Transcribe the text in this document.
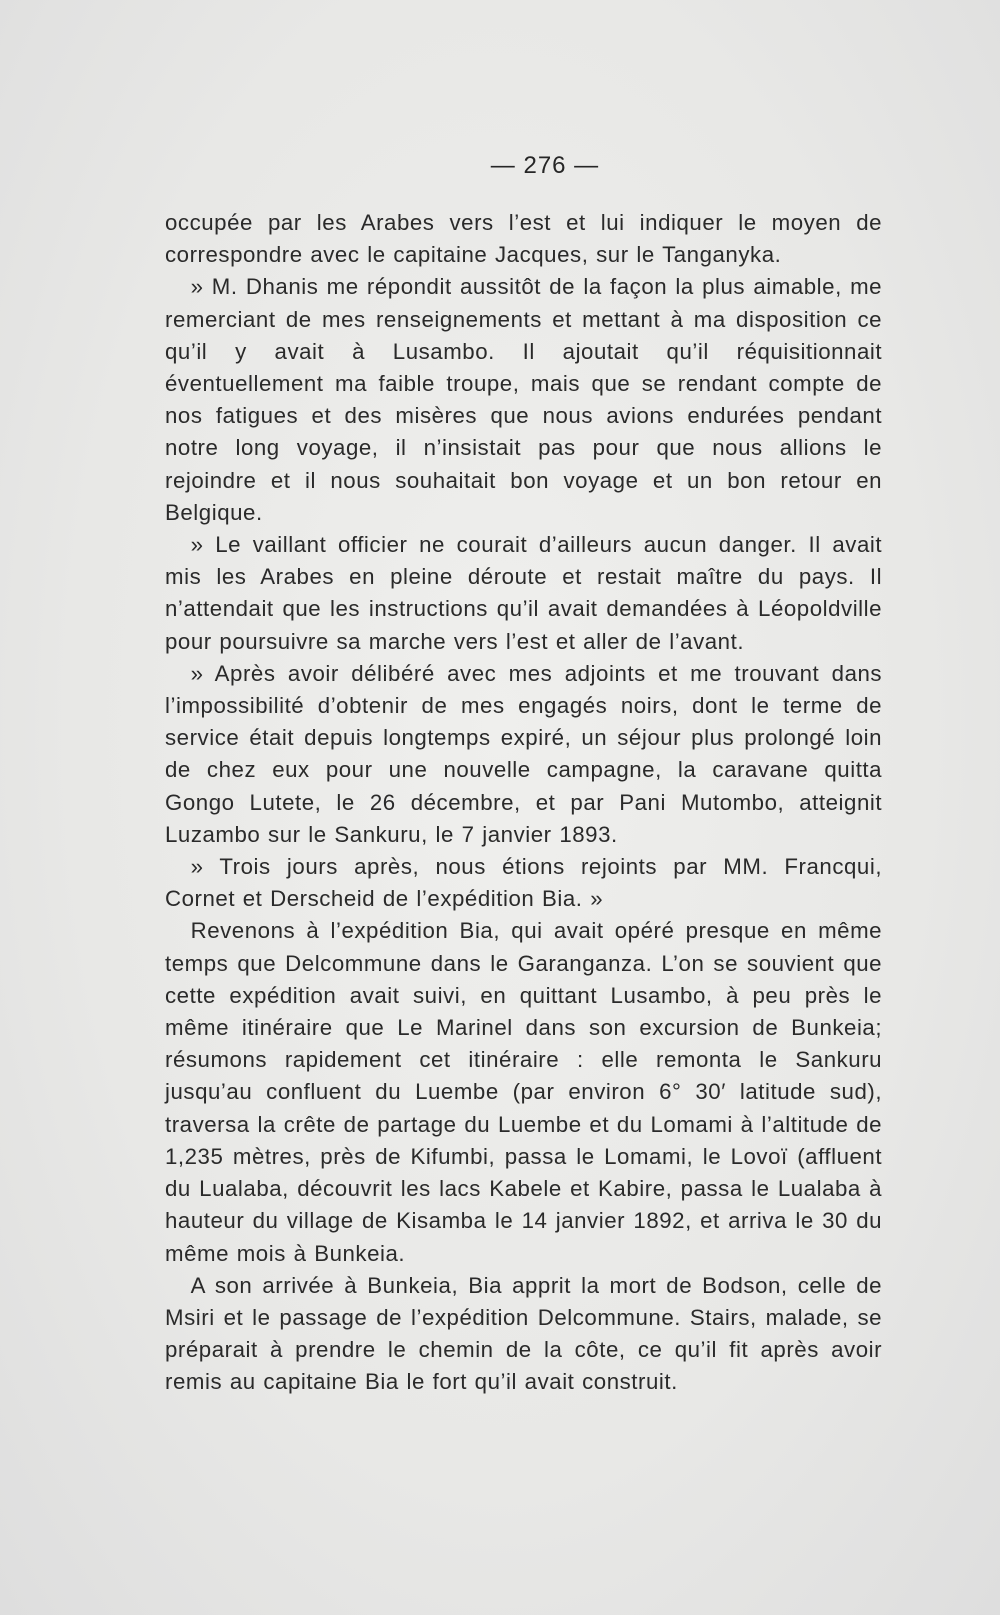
— 276 —

occupée par les Arabes vers l’est et lui indiquer le moyen de correspondre avec le capitaine Jacques, sur le Tanganyka.

» M. Dhanis me répondit aussitôt de la façon la plus aimable, me remerciant de mes renseignements et mettant à ma disposition ce qu’il y avait à Lusambo. Il ajoutait qu’il réquisitionnait éventuellement ma faible troupe, mais que se rendant compte de nos fatigues et des misères que nous avions endurées pendant notre long voyage, il n’insistait pas pour que nous allions le rejoindre et il nous souhaitait bon voyage et un bon retour en Belgique.

» Le vaillant officier ne courait d’ailleurs aucun danger. Il avait mis les Arabes en pleine déroute et restait maître du pays. Il n’attendait que les instructions qu’il avait demandées à Léopoldville pour poursuivre sa marche vers l’est et aller de l’avant.

» Après avoir délibéré avec mes adjoints et me trouvant dans l’impossibilité d’obtenir de mes engagés noirs, dont le terme de service était depuis longtemps expiré, un séjour plus prolongé loin de chez eux pour une nouvelle campagne, la caravane quitta Gongo Lutete, le 26 décembre, et par Pani Mutombo, atteignit Luzambo sur le Sankuru, le 7 janvier 1893.

» Trois jours après, nous étions rejoints par MM. Francqui, Cornet et Derscheid de l’expédition Bia. »

Revenons à l’expédition Bia, qui avait opéré presque en même temps que Delcommune dans le Garanganza. L’on se souvient que cette expédition avait suivi, en quittant Lusambo, à peu près le même itinéraire que Le Marinel dans son excursion de Bunkeia; résumons rapidement cet itinéraire : elle remonta le Sankuru jusqu’au confluent du Luembe (par environ 6° 30′ latitude sud), traversa la crête de partage du Luembe et du Lomami à l’altitude de 1,235 mètres, près de Kifumbi, passa le Lomami, le Lovoï (affluent du Lualaba, découvrit les lacs Kabele et Kabire, passa le Lualaba à hauteur du village de Kisamba le 14 janvier 1892, et arriva le 30 du même mois à Bunkeia.

A son arrivée à Bunkeia, Bia apprit la mort de Bodson, celle de Msiri et le passage de l’expédition Delcommune. Stairs, malade, se préparait à prendre le chemin de la côte, ce qu’il fit après avoir remis au capitaine Bia le fort qu’il avait construit.
